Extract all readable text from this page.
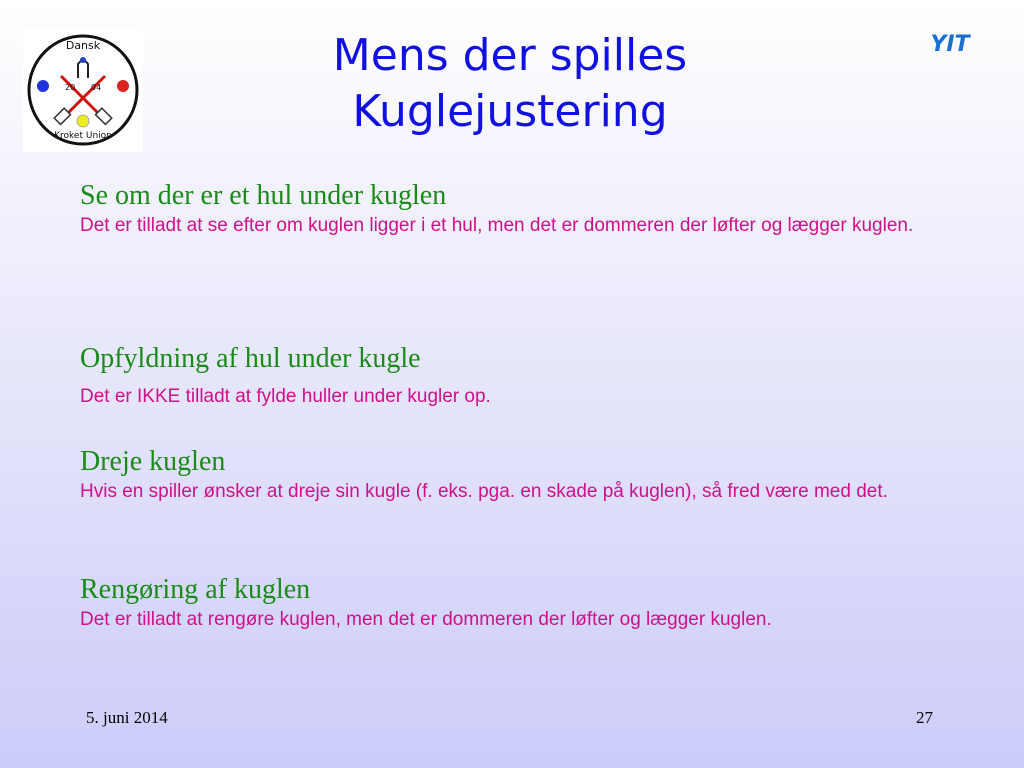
Dansk
Kroket Union
20 04
Mens der spilles
Kuglejustering
YIT
Se om der er et hul under kuglen
Det er tilladt at se efter om kuglen ligger i et hul, men det er dommeren der løfter og lægger kuglen.
Opfyldning af hul under kugle
Det er IKKE tilladt at fylde huller under kugler op.
Dreje kuglen
Hvis en spiller ønsker at dreje sin kugle (f. eks. pga. en skade på kuglen), så fred være med det.
Rengøring af kuglen
Det er tilladt at rengøre kuglen, men det er dommeren der løfter og lægger kuglen.
5. juni 2014	27
